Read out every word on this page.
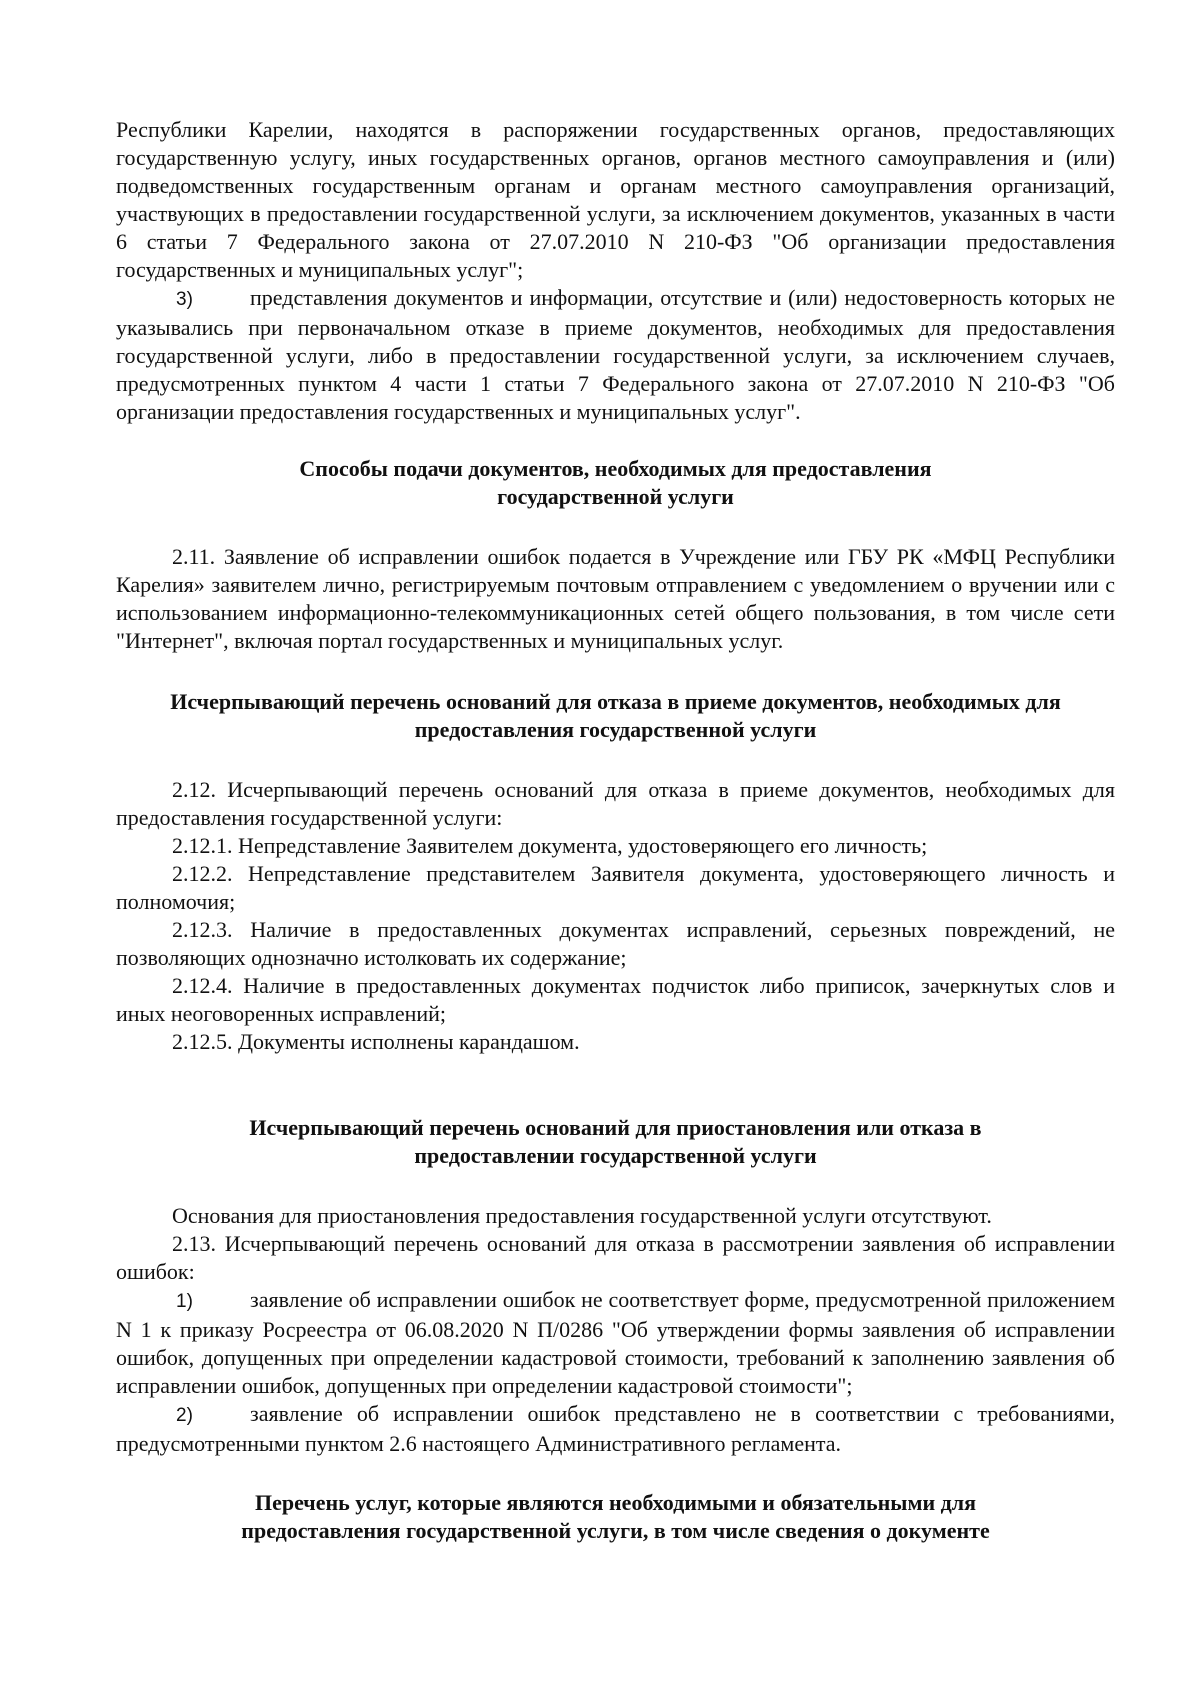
Республики Карелии, находятся в распоряжении государственных органов, предоставляющих государственную услугу, иных государственных органов, органов местного самоуправления и (или) подведомственных государственным органам и органам местного самоуправления организаций, участвующих в предоставлении государственной услуги, за исключением документов, указанных в части 6 статьи 7 Федерального закона от 27.07.2010 N 210-ФЗ "Об организации предоставления государственных и муниципальных услуг";

3)	представления документов и информации, отсутствие и (или) недостоверность которых не указывались при первоначальном отказе в приеме документов, необходимых для предоставления государственной услуги, либо в предоставлении государственной услуги, за исключением случаев, предусмотренных пунктом 4 части 1 статьи 7 Федерального закона от 27.07.2010 N 210-ФЗ "Об организации предоставления государственных и муниципальных услуг".

Способы подачи документов, необходимых для предоставления государственной услуги

2.11. Заявление об исправлении ошибок подается в Учреждение или ГБУ РК «МФЦ Республики Карелия» заявителем лично, регистрируемым почтовым отправлением с уведомлением о вручении или с использованием информационно-телекоммуникационных сетей общего пользования, в том числе сети "Интернет", включая портал государственных и муниципальных услуг.

Исчерпывающий перечень оснований для отказа в приеме документов, необходимых для предоставления государственной услуги

2.12. Исчерпывающий перечень оснований для отказа в приеме документов, необходимых для предоставления государственной услуги:

2.12.1. Непредставление Заявителем документа, удостоверяющего его личность;

2.12.2. Непредставление представителем Заявителя документа, удостоверяющего личность и полномочия;

2.12.3. Наличие в предоставленных документах исправлений, серьезных повреждений, не позволяющих однозначно истолковать их содержание;

2.12.4. Наличие в предоставленных документах подчисток либо приписок, зачеркнутых слов и иных неоговоренных исправлений;

2.12.5. Документы исполнены карандашом.

Исчерпывающий перечень оснований для приостановления или отказа в предоставлении государственной услуги

Основания для приостановления предоставления государственной услуги отсутствуют.

2.13. Исчерпывающий перечень оснований для отказа в рассмотрении заявления об исправлении ошибок:

1)	заявление об исправлении ошибок не соответствует форме, предусмотренной приложением N 1 к приказу Росреестра от 06.08.2020 N П/0286 "Об утверждении формы заявления об исправлении ошибок, допущенных при определении кадастровой стоимости, требований к заполнению заявления об исправлении ошибок, допущенных при определении кадастровой стоимости";

2)	заявление об исправлении ошибок представлено не в соответствии с требованиями, предусмотренными пунктом 2.6 настоящего Административного регламента.

Перечень услуг, которые являются необходимыми и обязательными для предоставления государственной услуги, в том числе сведения о документе
